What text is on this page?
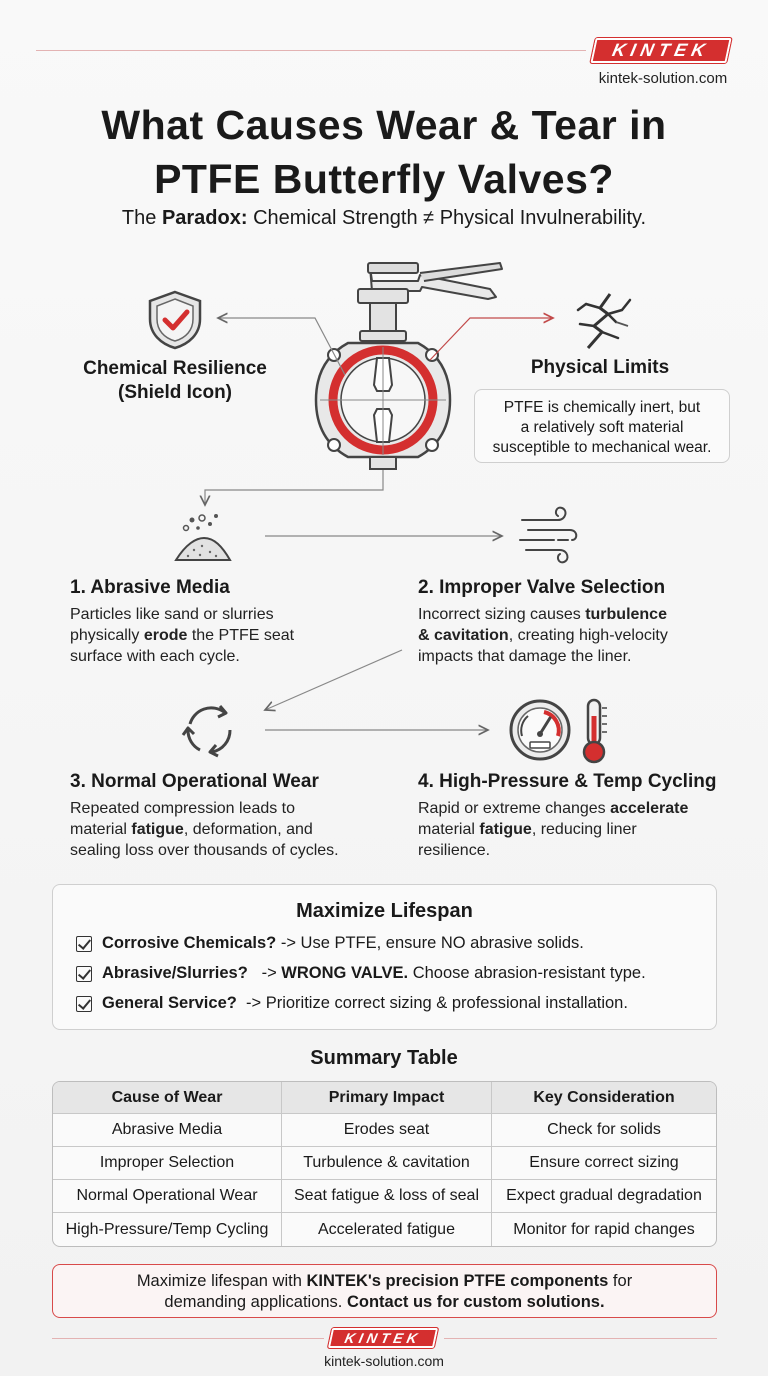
KINTEK
kintek-solution.com
What Causes Wear & Tear in
PTFE Butterfly Valves?
The Paradox: Chemical Strength ≠ Physical Invulnerability.
Chemical Resilience
(Shield Icon)
Physical Limits
PTFE is chemically inert, but
a relatively soft material
susceptible to mechanical wear.
1. Abrasive Media
Particles like sand or slurries
physically erode the PTFE seat
surface with each cycle.
2. Improper Valve Selection
Incorrect sizing causes turbulence
& cavitation, creating high-velocity
impacts that damage the liner.
3. Normal Operational Wear
Repeated compression leads to
material fatigue, deformation, and
sealing loss over thousands of cycles.
4. High-Pressure & Temp Cycling
Rapid or extreme changes accelerate
material fatigue, reducing liner
resilience.
Maximize Lifespan
Corrosive Chemicals? -> Use PTFE, ensure NO abrasive solids.
Abrasive/Slurries? -> WRONG VALVE. Choose abrasion-resistant type.
General Service? -> Prioritize correct sizing & professional installation.
Summary Table
Cause of Wear	Primary Impact	Key Consideration
Abrasive Media	Erodes seat	Check for solids
Improper Selection	Turbulence & cavitation	Ensure correct sizing
Normal Operational Wear	Seat fatigue & loss of seal	Expect gradual degradation
High-Pressure/Temp Cycling	Accelerated fatigue	Monitor for rapid changes
Maximize lifespan with KINTEK's precision PTFE components for
demanding applications. Contact us for custom solutions.
KINTEK
kintek-solution.com
